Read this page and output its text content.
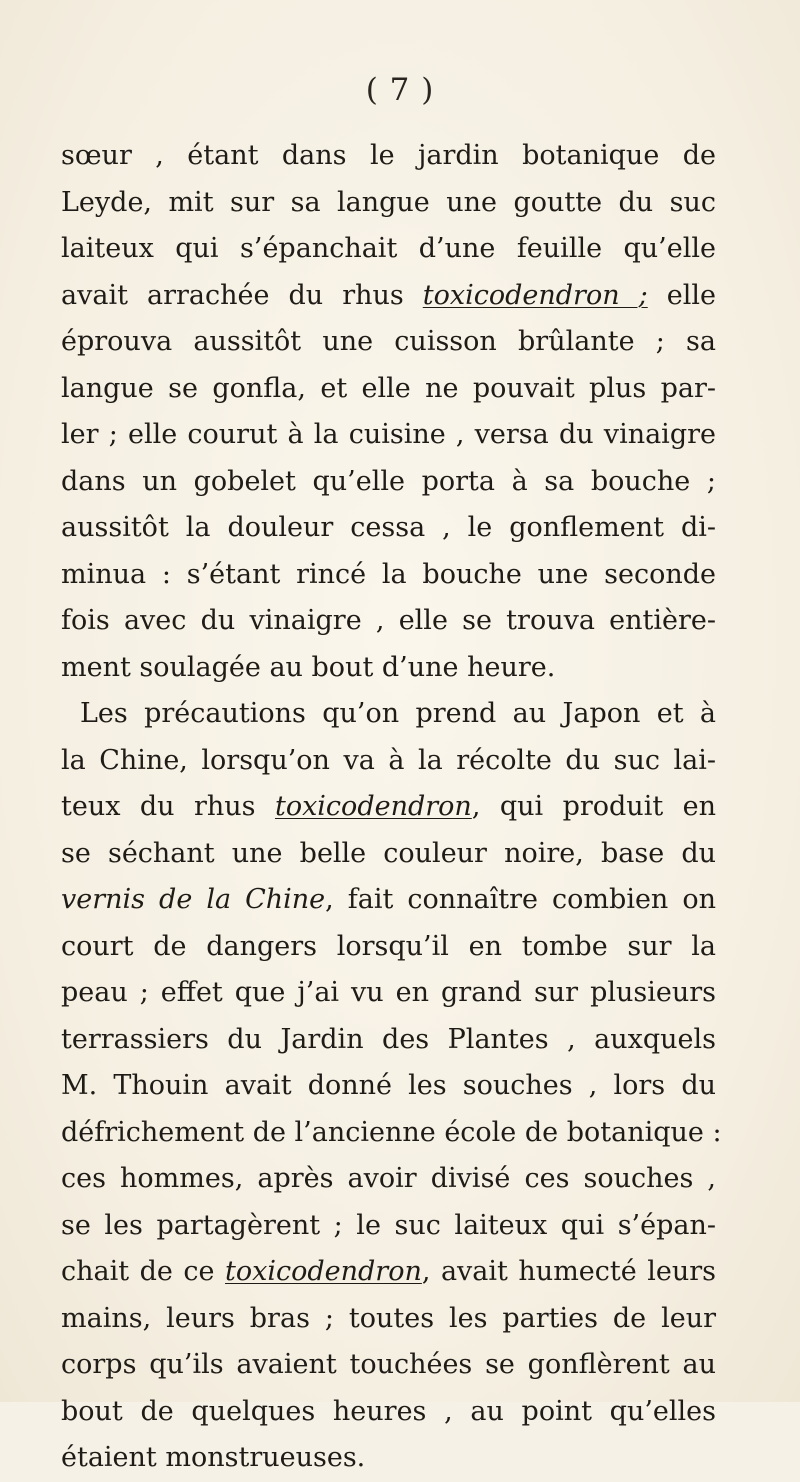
( 7 )
sœur , étant dans le jardin botanique de
Leyde, mit sur sa langue une goutte du suc
laiteux qui s’épanchait d’une feuille qu’elle
avait arrachée du rhus toxicodendron ; elle
éprouva aussitôt une cuisson brûlante ; sa
langue se gonfla, et elle ne pouvait plus par-
ler ; elle courut à la cuisine , versa du vinaigre
dans un gobelet qu’elle porta à sa bouche ;
aussitôt la douleur cessa , le gonflement di-
minua : s’étant rincé la bouche une seconde
fois avec du vinaigre , elle se trouva entière-
ment soulagée au bout d’une heure.
Les précautions qu’on prend au Japon et à
la Chine, lorsqu’on va à la récolte du suc lai-
teux du rhus toxicodendron, qui produit en
se séchant une belle couleur noire, base du
vernis de la Chine, fait connaître combien on
court de dangers lorsqu’il en tombe sur la
peau ; effet que j’ai vu en grand sur plusieurs
terrassiers du Jardin des Plantes , auxquels
M. Thouin avait donné les souches , lors du
défrichement de l’ancienne école de botanique :
ces hommes, après avoir divisé ces souches ,
se les partagèrent ; le suc laiteux qui s’épan-
chait de ce toxicodendron, avait humecté leurs
mains, leurs bras ; toutes les parties de leur
corps qu’ils avaient touchées se gonflèrent au
bout de quelques heures , au point qu’elles
étaient monstrueuses.
